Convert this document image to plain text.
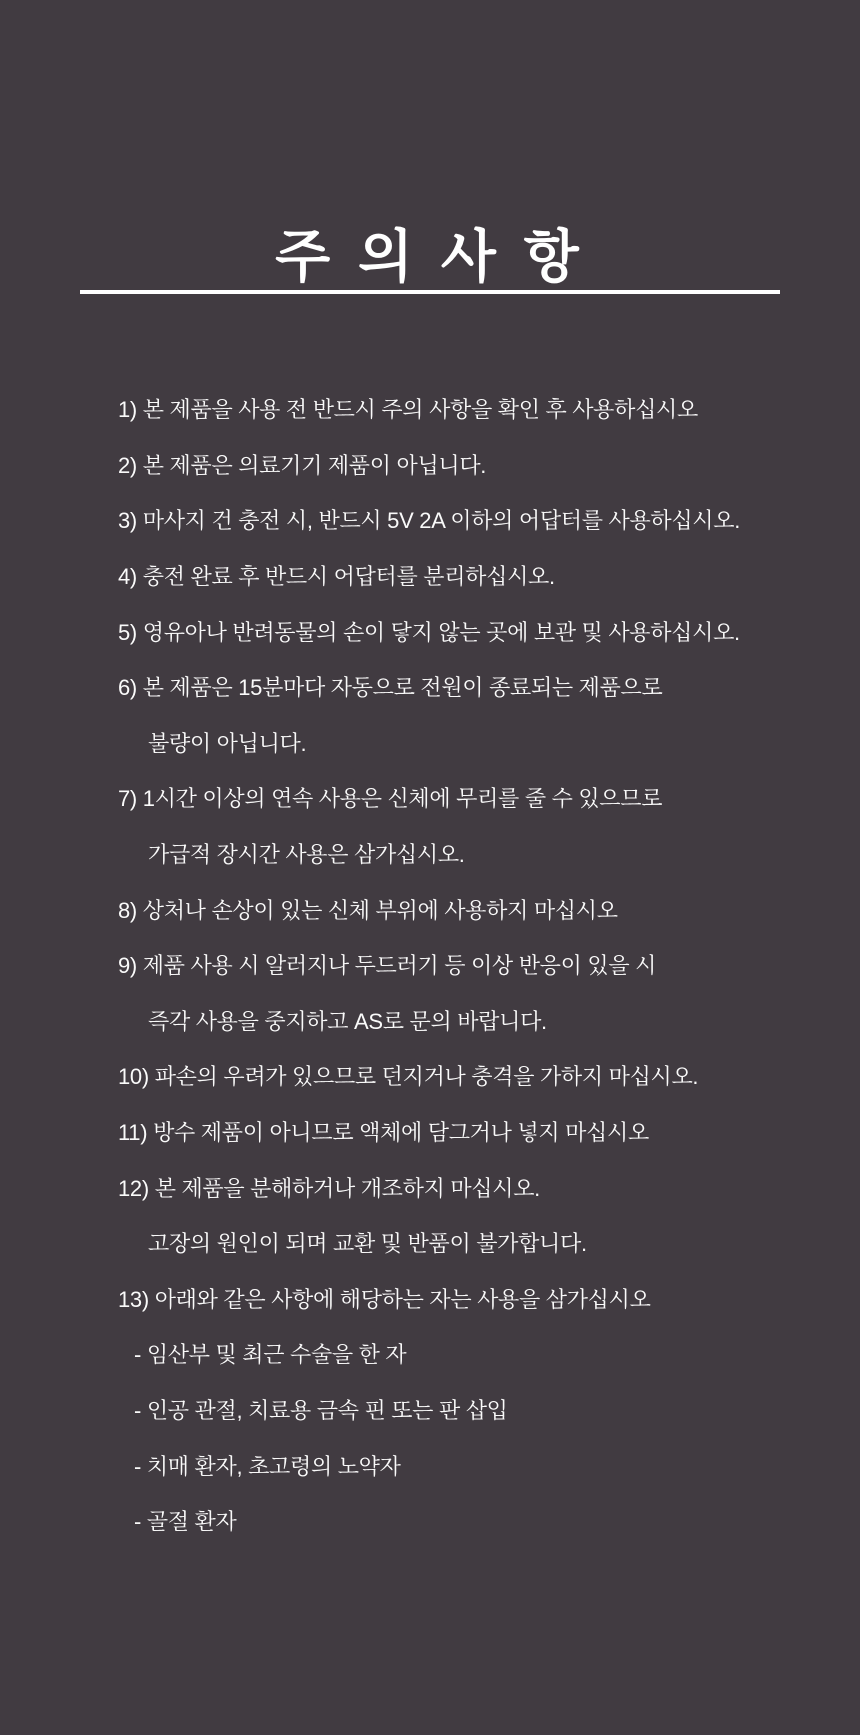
주 의 사 항
1) 본 제품을 사용 전 반드시 주의 사항을 확인 후 사용하십시오
2) 본 제품은 의료기기 제품이 아닙니다.
3) 마사지 건 충전 시, 반드시 5V 2A 이하의 어답터를 사용하십시오.
4) 충전 완료 후 반드시 어답터를 분리하십시오.
5) 영유아나 반려동물의 손이 닿지 않는 곳에 보관 및 사용하십시오.
6) 본 제품은 15분마다 자동으로 전원이 종료되는 제품으로
불량이 아닙니다.
7) 1시간 이상의 연속 사용은 신체에 무리를 줄 수 있으므로
가급적 장시간 사용은 삼가십시오.
8) 상처나 손상이 있는 신체 부위에 사용하지 마십시오
9) 제품 사용 시 알러지나 두드러기 등 이상 반응이 있을 시
즉각 사용을 중지하고 AS로 문의 바랍니다.
10) 파손의 우려가 있으므로 던지거나 충격을 가하지 마십시오.
11) 방수 제품이 아니므로 액체에 담그거나 넣지 마십시오
12) 본 제품을 분해하거나 개조하지 마십시오.
고장의 원인이 되며 교환 및 반품이 불가합니다.
13) 아래와 같은 사항에 해당하는 자는 사용을 삼가십시오
- 임산부 및 최근 수술을 한 자
- 인공 관절, 치료용 금속 핀 또는 판 삽입
- 치매 환자, 초고령의 노약자
- 골절 환자
